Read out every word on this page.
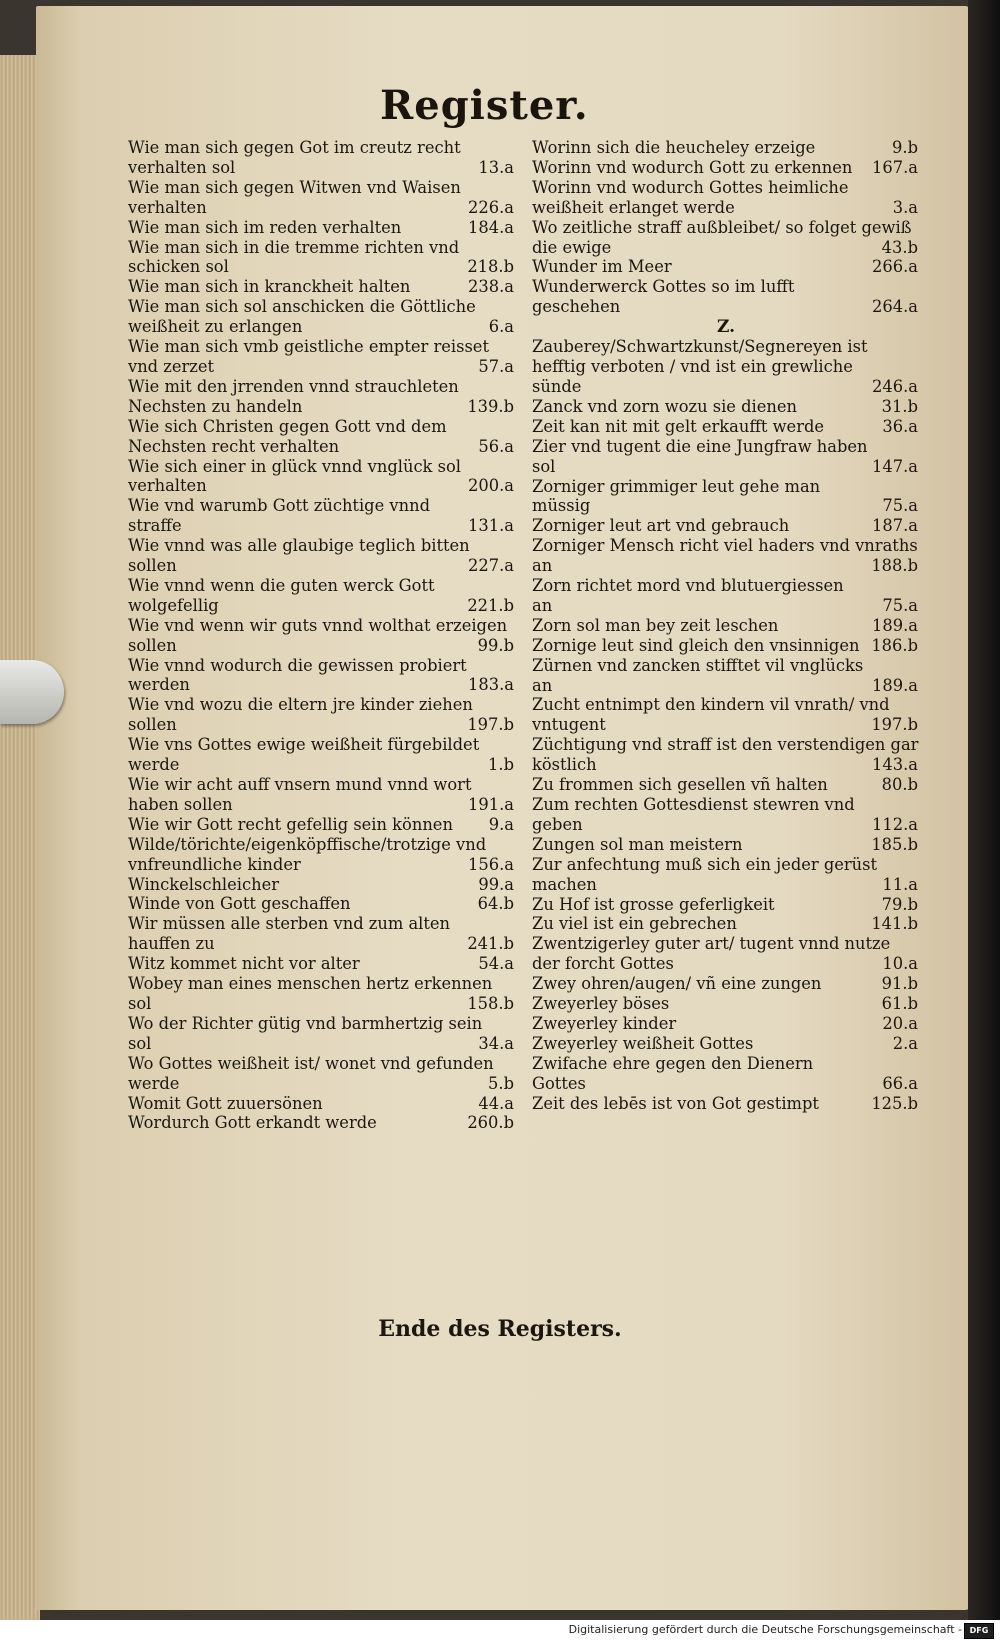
Register.
Wie man sich gegen Got im creutz recht verhalten sol	13.a
Wie man sich gegen Witwen vnd Waisen verhalten	226.a
Wie man sich im reden verhalten	184.a
Wie man sich in die tremme richten vnd schicken sol	218.b
Wie man sich in kranckheit halten	238.a
Wie man sich sol anschicken die Göttliche weißheit zu erlangen	6.a
Wie man sich vmb geistliche empter reisset vnd zerzet	57.a
Wie mit den jrrenden vnnd strauchleten Nechsten zu handeln	139.b
Wie sich Christen gegen Gott vnd dem Nechsten recht verhalten	56.a
Wie sich einer in glück vnnd vnglück sol verhalten	200.a
Wie vnd warumb Gott züchtige vnnd straffe	131.a
Wie vnnd was alle glaubige teglich bitten sollen	227.a
Wie vnnd wenn die guten werck Gott wolgefellig	221.b
Wie vnd wenn wir guts vnnd wolthat erzeigen sollen	99.b
Wie vnnd wodurch die gewissen probiert werden	183.a
Wie vnd wozu die eltern jre kinder ziehen sollen	197.b
Wie vns Gottes ewige weißheit fürgebildet werde	1.b
Wie wir acht auff vnsern mund vnnd wort haben sollen	191.a
Wie wir Gott recht gefellig sein können 9.a
Wilde/törichte/eigenköpffische/trotzige vnd vnfreundliche kinder	156.a
Winckelschleicher	99.a
Winde von Gott geschaffen	64.b
Wir müssen alle sterben vnd zum alten hauffen zu	241.b
Witz kommet nicht vor alter	54.a
Wobey man eines menschen hertz erkennen sol	158.b
Wo der Richter gütig vnd barmhertzig sein sol	34.a
Wo Gottes weißheit ist/ wonet vnd gefunden werde	5.b
Womit Gott zuuersönen	44.a
Wordurch Gott erkandt werde	260.b
Worinn sich die heucheley erzeige	9.b
Worinn vnd wodurch Gott zu erkennen 167.a
Worinn vnd wodurch Gottes heimliche weißheit erlanget werde	3.a
Wo zeitliche straff außbleibet/ so folget gewiß die ewige	43.b
Wunder im Meer	266.a
Wunderwerck Gottes so im lufft geschehen	264.a
Z.
Zauberey/Schwartzkunst/Segnereyen ist hefftig verboten / vnd ist ein grewliche sünde	246.a
Zanck vnd zorn wozu sie dienen	31.b
Zeit kan nit mit gelt erkaufft werde	36.a
Zier vnd tugent die eine Jungfraw haben sol	147.a
Zorniger grimmiger leut gehe man müssig	75.a
Zorniger leut art vnd gebrauch	187.a
Zorniger Mensch richt viel haders vnd vnraths an	188.b
Zorn richtet mord vnd blutuergiessen an	75.a
Zorn sol man bey zeit leschen	189.a
Zornige leut sind gleich den vnsinnigen 186.b
Zürnen vnd zancken stifftet vil vnglücks an	189.a
Zucht entnimpt den kindern vil vnrath/ vnd vntugent	197.b
Züchtigung vnd straff ist den verstendigen gar köstlich	143.a
Zu frommen sich gesellen vñ halten	80.b
Zum rechten Gottesdienst stewren vnd geben	112.a
Zungen sol man meistern	185.b
Zur anfechtung muß sich ein jeder gerüst machen	11.a
Zu Hof ist grosse geferligkeit	79.b
Zu viel ist ein gebrechen	141.b
Zwentzigerley guter art/ tugent vnnd nutze der forcht Gottes	10.a
Zwey ohren/augen/ vñ eine zungen	91.b
Zweyerley böses	61.b
Zweyerley kinder	20.a
Zweyerley weißheit Gottes	2.a
Zwifache ehre gegen den Dienern Gottes	66.a
Zeit des lebēs ist von Got gestimpt	125.b
Ende des Registers.
Digitalisierung gefördert durch die Deutsche Forschungsgemeinschaft - DFG
